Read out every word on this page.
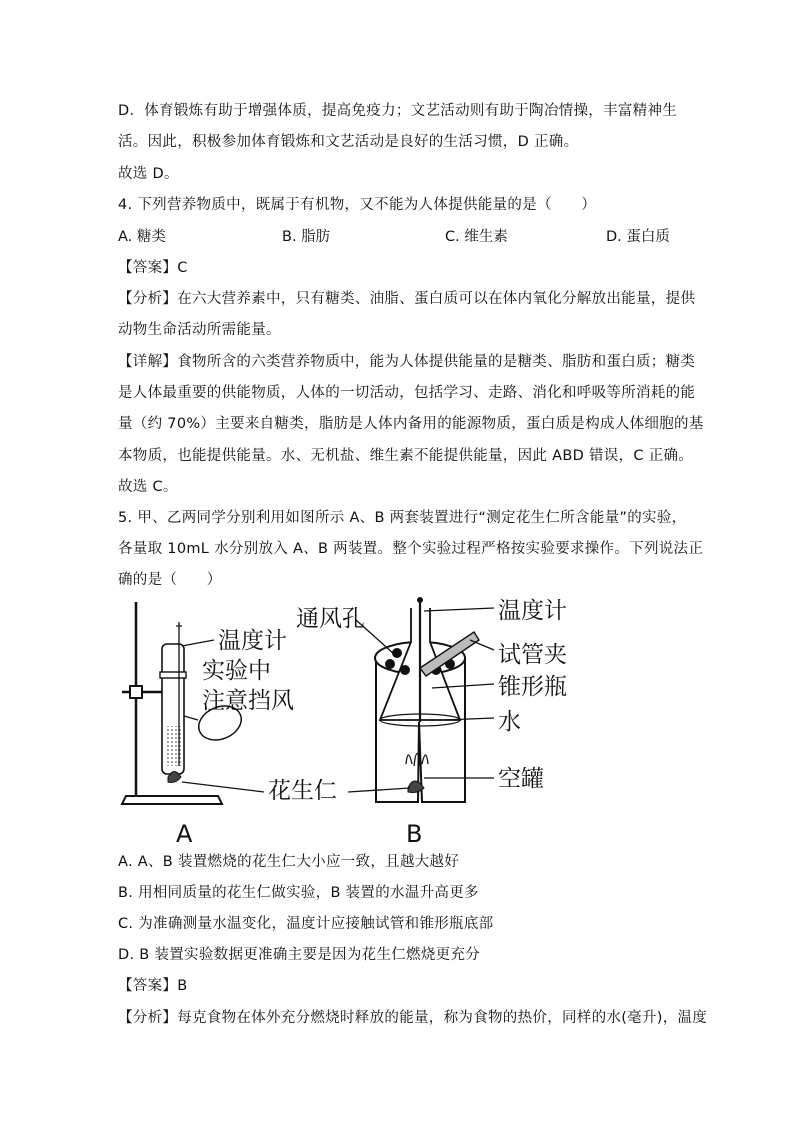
D．体育锻炼有助于增强体质，提高免疫力；文艺活动则有助于陶冶情操，丰富精神生
活。因此，积极参加体育锻炼和文艺活动是良好的生活习惯，D 正确。
故选 D。
4. 下列营养物质中，既属于有机物，又不能为人体提供能量的是（　　）
A. 糖类	B. 脂肪	C. 维生素	D. 蛋白质
【答案】C
【分析】在六大营养素中，只有糖类、油脂、蛋白质可以在体内氧化分解放出能量，提供
动物生命活动所需能量。
【详解】食物所含的六类营养物质中，能为人体提供能量的是糖类、脂肪和蛋白质；糖类
是人体最重要的供能物质，人体的一切活动，包括学习、走路、消化和呼吸等所消耗的能
量（约 70%）主要来自糖类，脂肪是人体内备用的能源物质，蛋白质是构成人体细胞的基
本物质，也能提供能量。水、无机盐、维生素不能提供能量，因此 ABD 错误，C 正确。
故选 C。
5. 甲、乙两同学分别利用如图所示 A、B 两套装置进行“测定花生仁所含能量”的实验，
各量取 10mL 水分别放入 A、B 两装置。整个实验过程严格按实验要求操作。下列说法正
确的是（　　）
温度计
实验中
注意挡风
花生仁
A
通风孔	温度计
试管夹
锥形瓶
水
空罐
B
A. A、B 装置燃烧的花生仁大小应一致，且越大越好
B. 用相同质量的花生仁做实验，B 装置的水温升高更多
C. 为准确测量水温变化，温度计应接触试管和锥形瓶底部
D. B 装置实验数据更准确主要是因为花生仁燃烧更充分
【答案】B
【分析】每克食物在体外充分燃烧时释放的能量，称为食物的热价，同样的水(毫升)，温度
